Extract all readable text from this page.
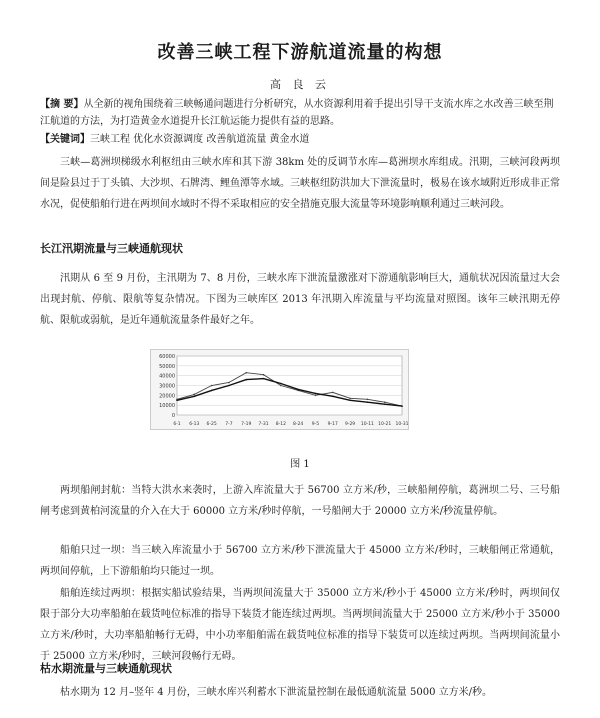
改善三峡工程下游航道流量的构想
高 良 云
【摘 要】从全新的视角围绕着三峡畅通问题进行分析研究，从水资源利用着手提出引导干支流水库之水改善三峡至荆江航道的方法，为打造黄金水道提升长江航运能力提供有益的思路。
【关键词】三峡工程 优化水资源调度 改善航道流量 黄金水道
三峡—葛洲坝梯级水利枢纽由三峡水库和其下游 38km 处的反调节水库—葛洲坝水库组成。汛期，三峡河段两坝间是险县过于丁头镇、大沙坝、石牌湾、鲤鱼潭等水域。三峡枢纽防洪加大下泄流量时，极易在该水域附近形成非正常水况，促使船舶行进在两坝间水域时不得不采取相应的安全措施克服大流量等环境影响顺利通过三峡河段。
长江汛期流量与三峡通航现状
汛期从 6 至 9 月份，主汛期为 7、8 月份，三峡水库下泄流量激涨对下游通航影响巨大，通航状况因流量过大会出现封航、停航、限航等复杂情况。下图为三峡库区 2013 年汛期入库流量与平均流量对照图。该年三峡汛期无停航、限航或弱航，是近年通航流量条件最好之年。
60000
50000
40000
30000
20000
10000
0
6-1 6-13 6-25 7-7 7-19 7-31 8-12 8-24 9-5 9-17 9-29 10-11 10-21 10-31
图 1
两坝船闸封航：当特大洪水来袭时，上游入库流量大于 56700 立方米/秒，三峡船闸停航，葛洲坝二号、三号船闸考虑到黄柏河流量的介入在大于 60000 立方米/秒时停航，一号船闸大于 20000 立方米/秒流量停航。
船舶只过一坝：当三峡入库流量小于 56700 立方米/秒下泄流量大于 45000 立方米/秒时，三峡船闸正常通航，两坝间停航，上下游船舶均只能过一坝。
船舶连续过两坝：根据实船试验结果，当两坝间流量大于 35000 立方米/秒小于 45000 立方米/秒时，两坝间仅限于部分大功率船舶在载货吨位标准的指导下装货才能连续过两坝。当两坝间流量大于 25000 立方米/秒小于 35000 立方米/秒时，大功率船舶畅行无碍，中小功率船舶需在载货吨位标准的指导下装货可以连续过两坝。当两坝间流量小于 25000 立方米/秒时，三峡河段畅行无碍。
枯水期流量与三峡通航现状
枯水期为 12 月–竖年 4 月份，三峡水库兴利蓄水下泄流量控制在最低通航流量 5000 立方米/秒。
